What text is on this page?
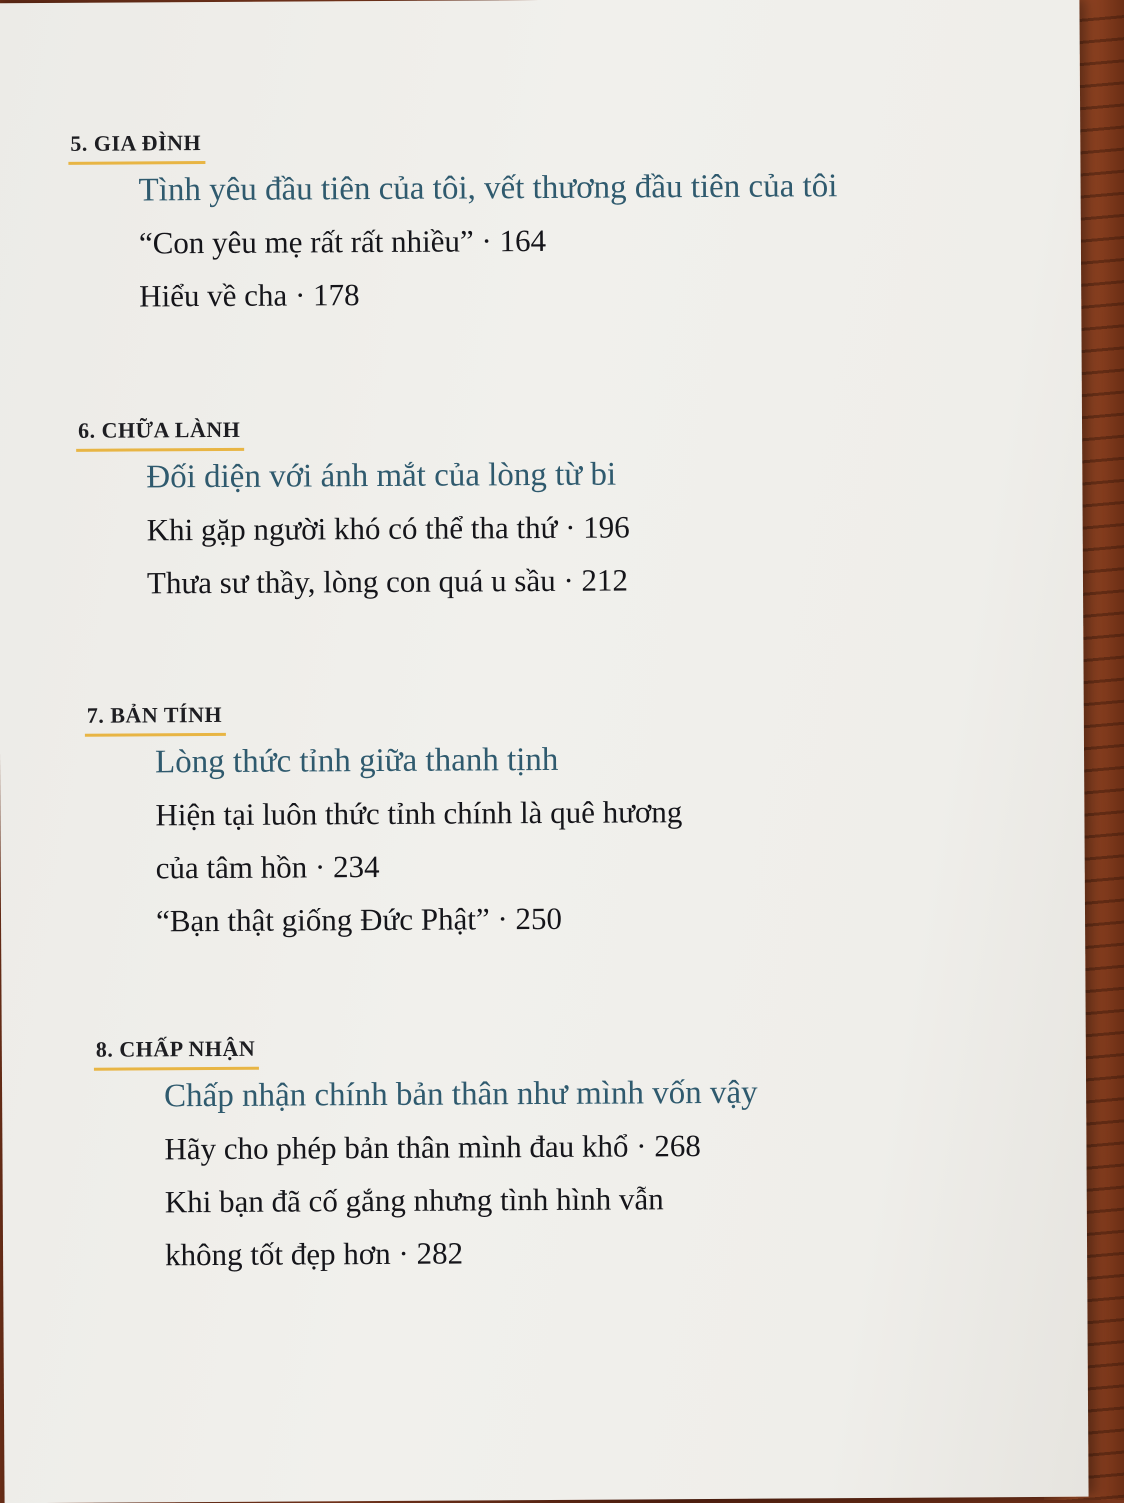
5. GIA ĐÌNH
Tình yêu đầu tiên của tôi, vết thương đầu tiên của tôi
“Con yêu mẹ rất rất nhiều” · 164
Hiểu về cha · 178
6. CHỮA LÀNH
Đối diện với ánh mắt của lòng từ bi
Khi gặp người khó có thể tha thứ · 196
Thưa sư thầy, lòng con quá u sầu · 212
7. BẢN TÍNH
Lòng thức tỉnh giữa thanh tịnh
Hiện tại luôn thức tỉnh chính là quê hương
của tâm hồn · 234
“Bạn thật giống Đức Phật” · 250
8. CHẤP NHẬN
Chấp nhận chính bản thân như mình vốn vậy
Hãy cho phép bản thân mình đau khổ · 268
Khi bạn đã cố gắng nhưng tình hình vẫn
không tốt đẹp hơn · 282
